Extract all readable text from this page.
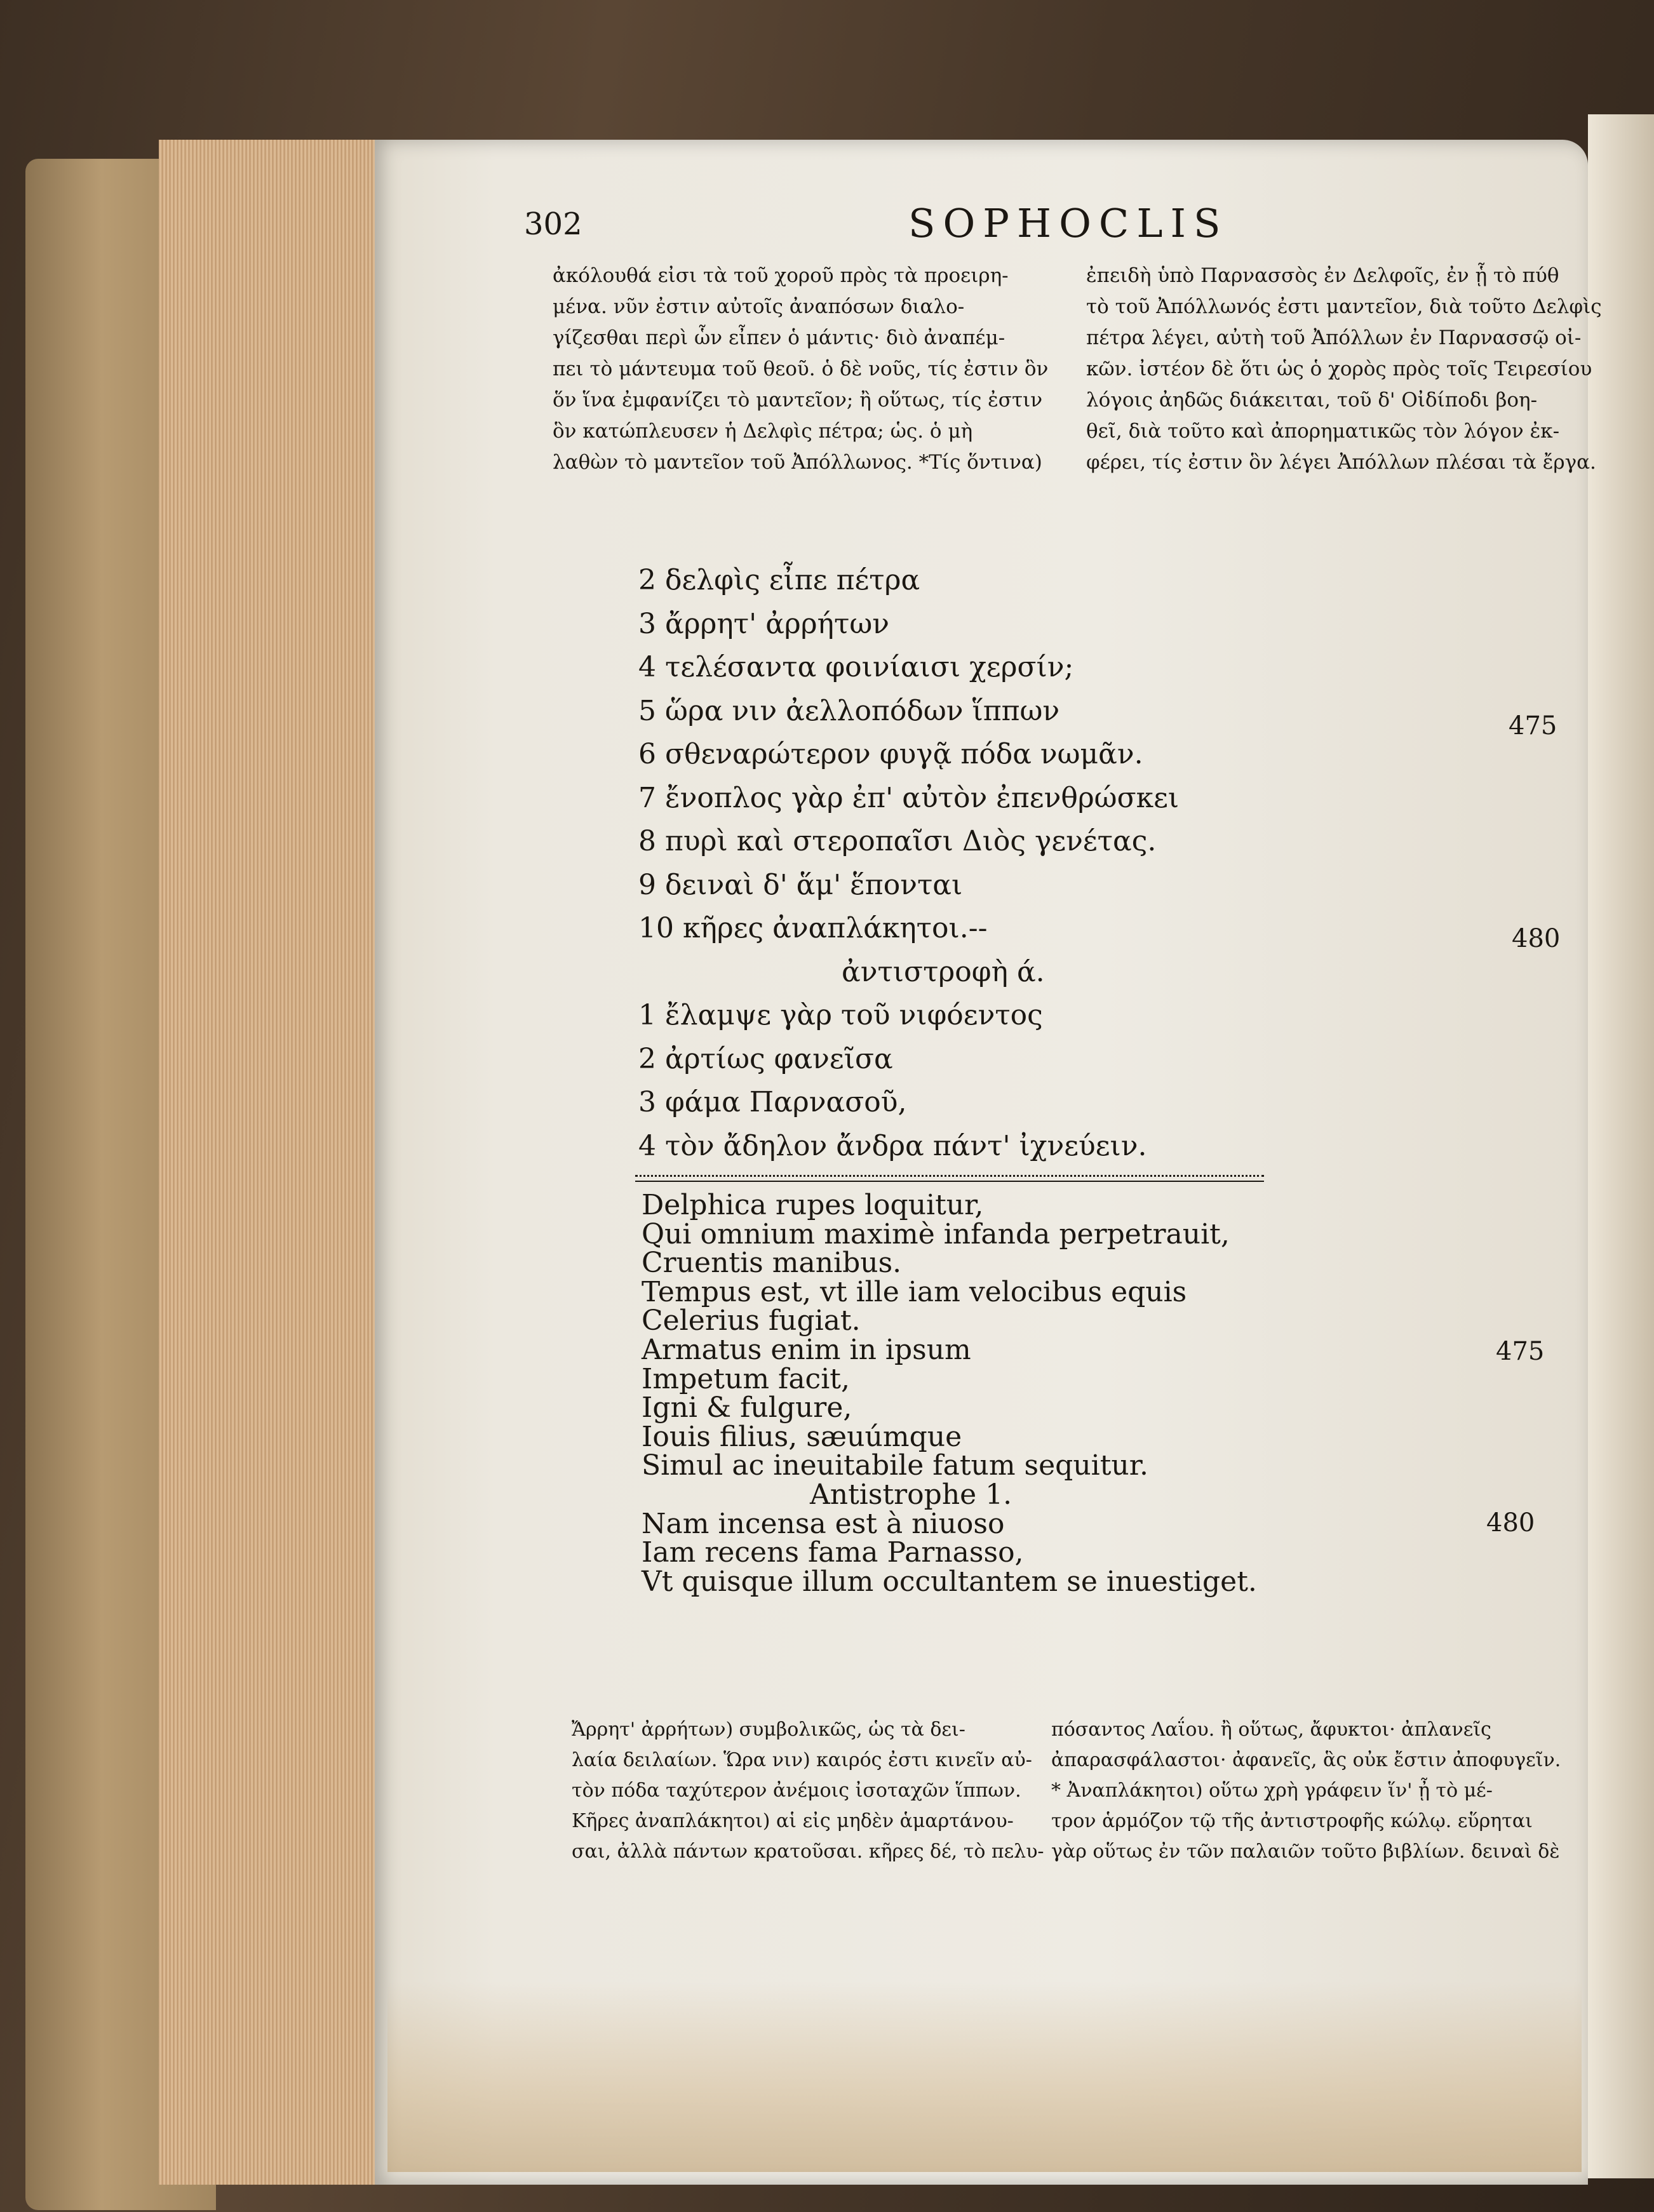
302	SOPHOCLIS
ἀκόλουθά εἰσι τὰ τοῦ χοροῦ πρὸς τὰ προειρη-
μένα. νῦν ἐστιν αὐτοῖς ἀναπόσων διαλο-
γίζεσθαι περὶ ὧν εἶπεν ὁ μάντις· διὸ ἀναπέμ-
πει τὸ μάντευμα τοῦ θεοῦ. ὁ δὲ νοῦς, τίς ἐστιν ὃν
ὅν ἵνα ἐμφανίζει τὸ μαντεῖον; ἢ οὕτως, τίς ἐστιν
ὃν κατώπλευσεν ἡ Δελφὶς πέτρα; ὡς. ὁ μὴ
λαθὼν τὸ μαντεῖον τοῦ Ἀπόλλωνος. *Τίς ὅντινα)
ἐπειδὴ ὑπὸ Παρνασσὸς ἐν Δελφοῖς, ἐν ᾗ τὸ πύθ
τὸ τοῦ Ἀπόλλωνός ἐστι μαντεῖον, διὰ τοῦτο Δελφὶς
πέτρα λέγει, αὐτὴ τοῦ Ἀπόλλων ἐν Παρνασσῷ οἰ-
κῶν. ἰστέον δὲ ὅτι ὡς ὁ χορὸς πρὸς τοῖς Τειρεσίου
λόγοις ἀηδῶς διάκειται, τοῦ δ' Οἰδίποδι βοη-
θεῖ, διὰ τοῦτο καὶ ἀπορηματικῶς τὸν λόγον ἐκ-
φέρει, τίς ἐστιν ὃν λέγει Ἀπόλλων πλέσαι τὰ ἔργα.
2 δελφὶς εἶπε πέτρα
3 ἄρρητ' ἀρρήτων
4 τελέσαντα φοινίαισι χερσίν;
5 ὥρα νιν ἀελλοπόδων ἵππων
6 σθεναρώτερον φυγᾷ πόδα νωμᾶν.
7 ἔνοπλος γὰρ ἐπ' αὐτὸν ἐπενθρώσκει
8 πυρὶ καὶ στεροπαῖσι Διὸς γενέτας.
9 δειναὶ δ' ἅμ' ἕπονται
10 κῆρες ἀναπλάκητοι.--
ἀντιστροφὴ ά.
1 ἔλαμψε γὰρ τοῦ νιφόεντος
2 ἀρτίως φανεῖσα
3 φάμα Παρνασοῦ,
4 τὸν ἄδηλον ἄνδρα πάντ' ἰχνεύειν.
475
480
Delphica rupes loquitur,
Qui omnium maximè infanda perpetrauit,
Cruentis manibus.
Tempus est, vt ille iam velocibus equis
Celerius fugiat.
Armatus enim in ipsum
Impetum facit,
Igni & fulgure,
Iouis filius, sæuúmque
Simul ac ineuitabile fatum sequitur.
Antistrophe 1.
Nam incensa est à niuoso
Iam recens fama Parnasso,
Vt quisque illum occultantem se inuestiget.
475
480
Ἄρρητ' ἀρρήτων) συμβολικῶς, ὡς τὰ δει-
λαία δειλαίων. Ὥρα νιν) καιρός ἐστι κινεῖν αὐ-
τὸν πόδα ταχύτερον ἀνέμοις ἰσοταχῶν ἵππων.
Κῆρες ἀναπλάκητοι) αἱ εἰς μηδὲν ἁμαρτάνου-
σαι, ἀλλὰ πάντων κρατοῦσαι. κῆρες δέ, τὸ πελυ-
πόσαντος Λαΐου. ἢ οὕτως, ἄφυκτοι· ἀπλανεῖς
ἀπαρασφάλαστοι· ἀφανεῖς, ἃς οὐκ ἔστιν ἀποφυγεῖν.
* Ἀναπλάκητοι) οὕτω χρὴ γράφειν ἵν' ᾖ τὸ μέ-
τρον ἁρμόζον τῷ τῆς ἀντιστροφῆς κώλῳ. εὕρηται
γὰρ οὕτως ἐν τῶν παλαιῶν τοῦτο βιβλίων. δειναὶ δὲ
